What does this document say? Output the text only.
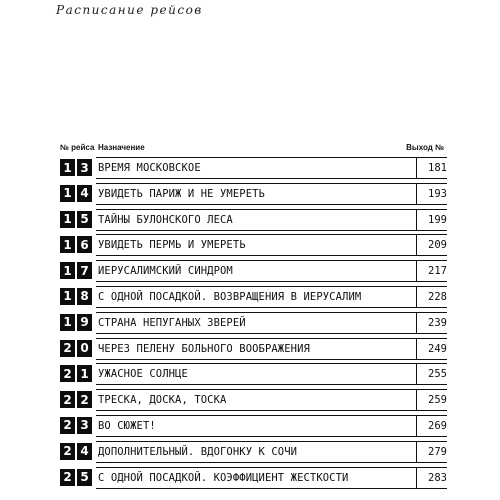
Расписание рейсов
№ рейса Назначение	Выход №
1 3 ВРЕМЯ МОСКОВСКОЕ	181
1 4 УВИДЕТЬ ПАРИЖ И НЕ УМЕРЕТЬ	193
1 5 ТАЙНЫ БУЛОНСКОГО ЛЕСА	199
1 6 УВИДЕТЬ ПЕРМЬ И УМЕРЕТЬ	209
1 7 ИЕРУСАЛИМСКИЙ СИНДРОМ	217
1 8 С ОДНОЙ ПОСАДКОЙ. ВОЗВРАЩЕНИЯ В ИЕРУСАЛИМ	228
1 9 СТРАНА НЕПУГАНЫХ ЗВЕРЕЙ	239
2 0 ЧЕРЕЗ ПЕЛЕНУ БОЛЬНОГО ВООБРАЖЕНИЯ	249
2 1 УЖАСНОЕ СОЛНЦЕ	255
2 2 ТРЕСКА, ДОСКА, ТОСКА	259
2 3 ВО СЮЖЕТ!	269
2 4 ДОПОЛНИТЕЛЬНЫЙ. ВДОГОНКУ К СОЧИ	279
2 5 С ОДНОЙ ПОСАДКОЙ. КОЭФФИЦИЕНТ ЖЕСТКОСТИ	283
